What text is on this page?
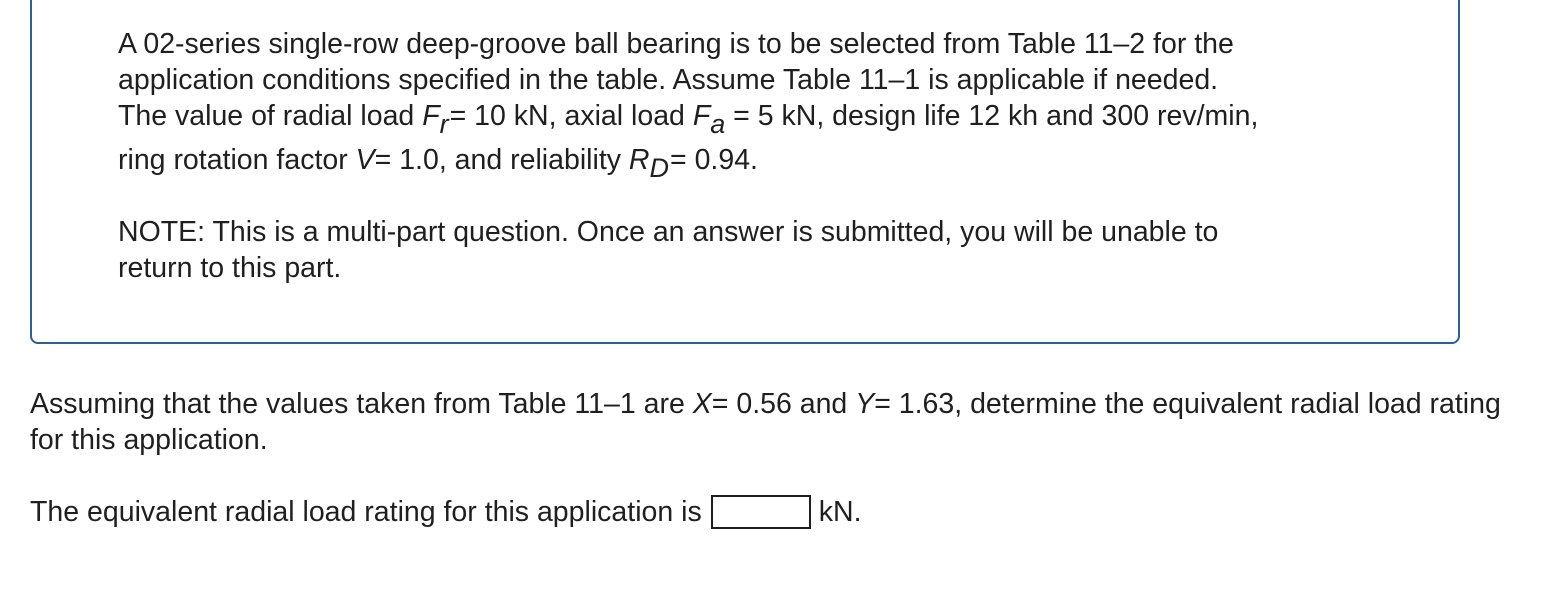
A 02-series single-row deep-groove ball bearing is to be selected from Table 11–2 for the
application conditions specified in the table. Assume Table 11–1 is applicable if needed.
The value of radial load Fr= 10 kN, axial load Fa = 5 kN, design life 12 kh and 300 rev/min,
ring rotation factor V= 1.0, and reliability RD= 0.94.
NOTE: This is a multi-part question. Once an answer is submitted, you will be unable to
return to this part.
Assuming that the values taken from Table 11–1 are X= 0.56 and Y= 1.63, determine the equivalent radial load rating for this application.
The equivalent radial load rating for this application is	kN.
